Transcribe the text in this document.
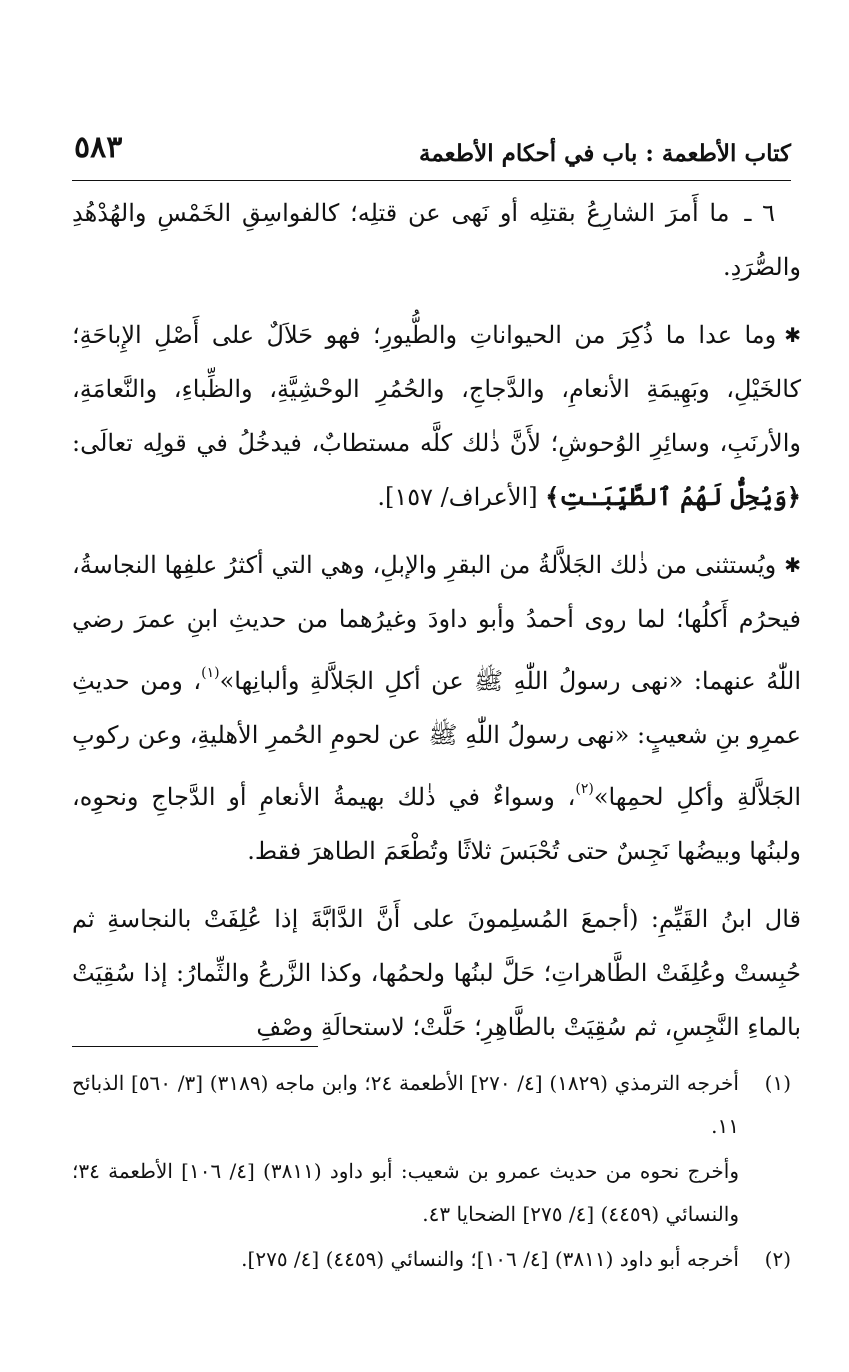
كتاب الأطعمة : باب في أحكام الأطعمة
٥٨٣

٦ ـ ما أَمرَ الشارِعُ بقتلِه أو نَهى عن قتلِه؛ كالفواسِقِ الخَمْسِ والهُدْهُدِ والصُّرَدِ.

✱وما عدا ما ذُكِرَ من الحيواناتِ والطُّيورِ؛ فهو حَلاَلٌ على أَصْلِ الإِباحَةِ؛ كالخَيْلِ، وبَهِيمَةِ الأنعامِ، والدَّجاجِ، والحُمُرِ الوحْشِيَّةِ، والظِّباءِ، والنَّعامَةِ، والأرنَبِ، وسائِرِ الوُحوشِ؛ لأَنَّ ذٰلك كلَّه مستطابٌ، فيدخُلُ في قولِه تعالَى: ﴿وَيُحِلُّ لَهُمُ ٱلطَّيِّبَـٰتِ﴾ [الأعراف/ ١٥٧].

✱ويُستثنى من ذٰلك الجَلاَّلةُ من البقرِ والإبلِ، وهي التي أكثرُ علفِها النجاسةُ، فيحرُم أَكلُها؛ لما روى أحمدُ وأبو داودَ وغيرُهما من حديثِ ابنِ عمرَ رضي اللّٰهُ عنهما: «نهى رسولُ اللّٰهِ ﷺ عن أكلِ الجَلاَّلةِ وألبانِها»$^{(١)}$، ومن حديثِ عمرِو بنِ شعيبٍ: «نهى رسولُ اللّٰهِ ﷺ عن لحومِ الحُمرِ الأهليةِ، وعن ركوبِ الجَلاَّلةِ وأكلِ لحمِها»$^{(٢)}$، وسواءٌ في ذٰلك بهيمةُ الأنعامِ أو الدَّجاجِ ونحوِه، ولبنُها وبيضُها نَجِسٌ حتى تُحْبَسَ ثلاثًا وتُطْعَمَ الطاهرَ فقط.

قال ابنُ القَيِّمِ: (أجمعَ المُسلِمونَ على أَنَّ الدَّابَّةَ إذا عُلِفَتْ بالنجاسةِ ثم حُبِستْ وعُلِفَتْ الطَّاهراتِ؛ حَلَّ لبنُها ولحمُها، وكذا الزَّرعُ والثِّمارُ: إذا سُقِيَتْ بالماءِ النَّجِسِ، ثم سُقِيَتْ بالطَّاهِرِ؛ حَلَّتْ؛ لاستحالَةِ وصْفِ

(١)
أخرجه الترمذي (١٨٢٩) [٤/ ٢٧٠] الأطعمة ٢٤؛ وابن ماجه (٣١٨٩) [٣/ ٥٦٠] الذبائح ١١.
وأخرج نحوه من حديث عمرو بن شعيب: أبو داود (٣٨١١) [٤/ ١٠٦] الأطعمة ٣٤؛ والنسائي (٤٤٥٩) [٤/ ٢٧٥] الضحايا ٤٣.
(٢)
أخرجه أبو داود (٣٨١١) [٤/ ١٠٦]؛ والنسائي (٤٤٥٩) [٤/ ٢٧٥].
